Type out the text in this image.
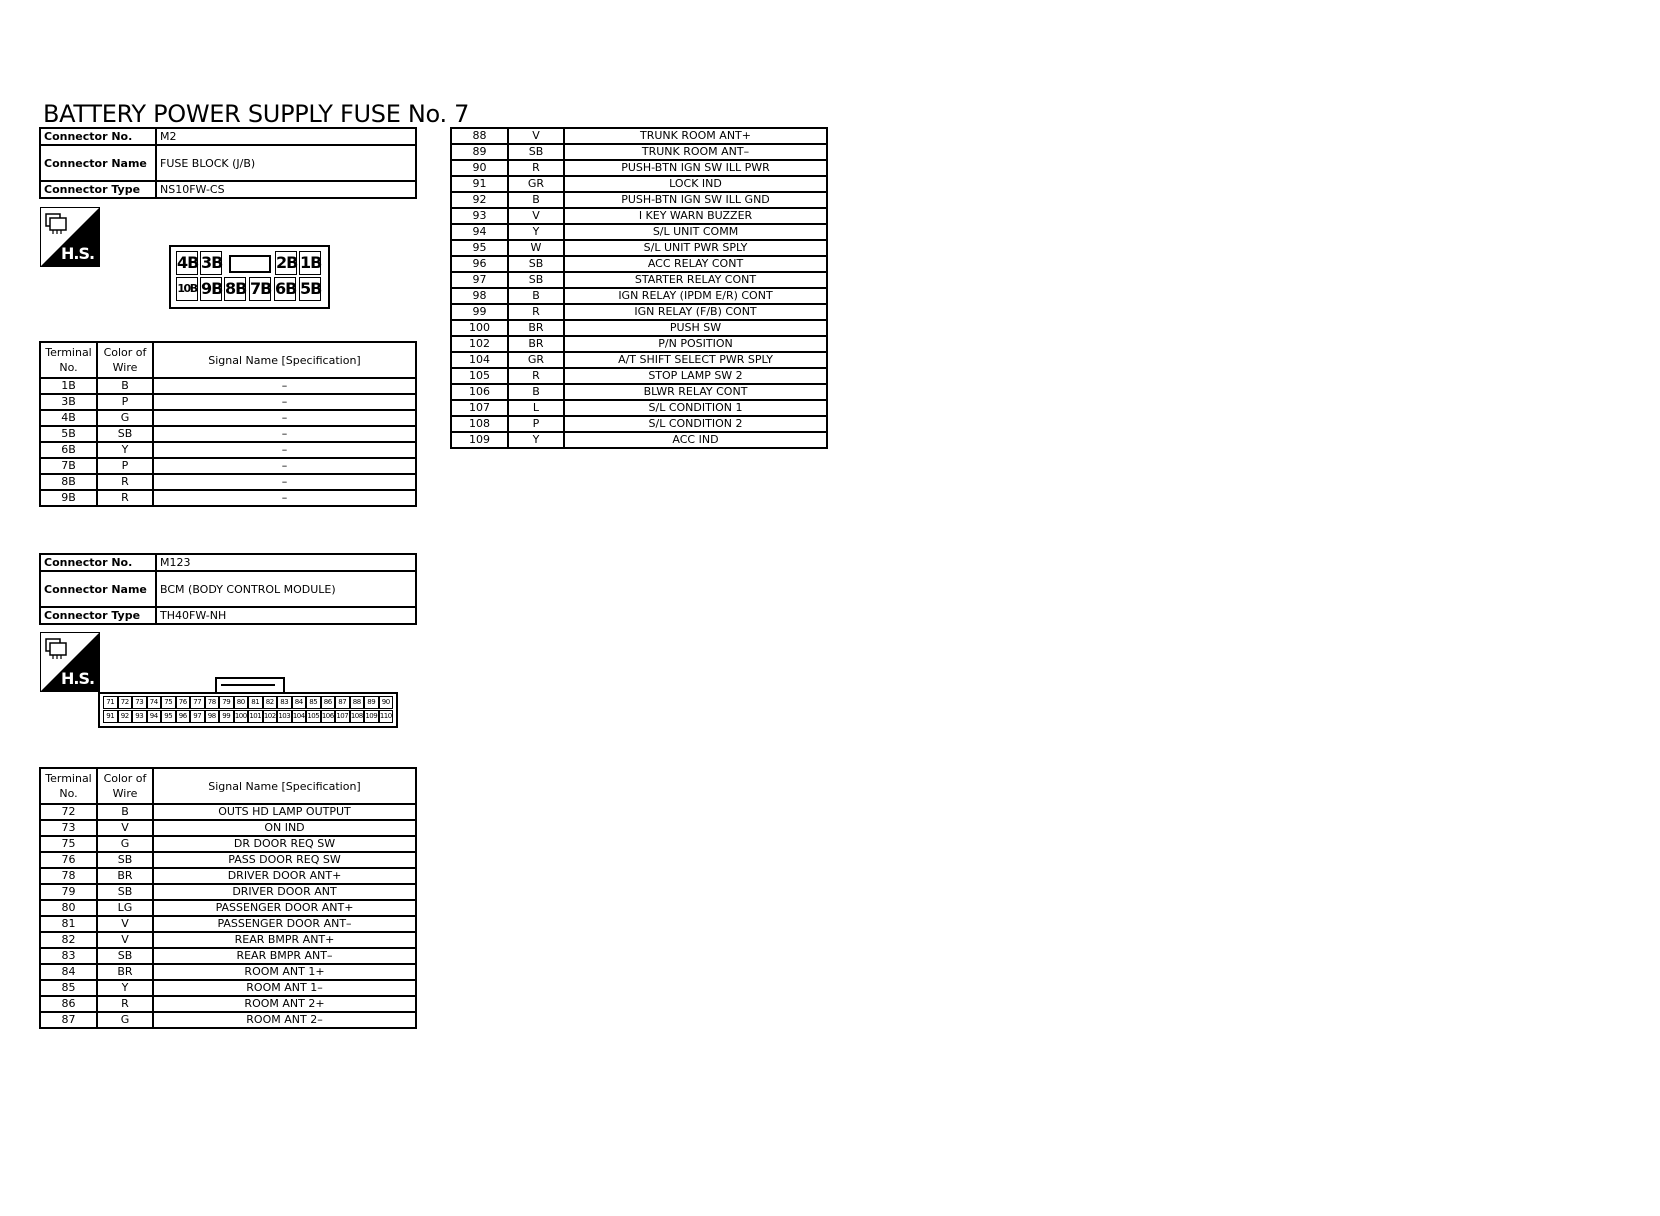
BATTERY POWER SUPPLY FUSE No. 7
Connector No.	M2
Connector Name	FUSE BLOCK (J/B)
Connector Type	NS10FW-CS
H.S.	4B 3B	2B 1B
10B 9B 8B 7B 6B 5B
Terminal No.	Color of Wire	Signal Name [Specification]
1B	B	–
3B	P	–
4B	G	–
5B	SB	–
6B	Y	–
7B	P	–
8B	R	–
9B	R	–
Connector No.	M123
Connector Name	BCM (BODY CONTROL MODULE)
Connector Type	TH40FW-NH
H.S.
71 72 73 74 75 76 77 78 79 80 81 82 83 84 85 86 87 88 89 90
91 92 93 94 95 96 97 98 99 100 101 102 103 104 105 106 107 108 109 110
Terminal No.	Color of Wire	Signal Name [Specification]
72	B	OUTS HD LAMP OUTPUT
73	V	ON IND
75	G	DR DOOR REQ SW
76	SB	PASS DOOR REQ SW
78	BR	DRIVER DOOR ANT+
79	SB	DRIVER DOOR ANT
80	LG	PASSENGER DOOR ANT+
81	V	PASSENGER DOOR ANT–
82	V	REAR BMPR ANT+
83	SB	REAR BMPR ANT–
84	BR	ROOM ANT 1+
85	Y	ROOM ANT 1–
86	R	ROOM ANT 2+
87	G	ROOM ANT 2–
88	V	TRUNK ROOM ANT+
89	SB	TRUNK ROOM ANT–
90	R	PUSH-BTN IGN SW ILL PWR
91	GR	LOCK IND
92	B	PUSH-BTN IGN SW ILL GND
93	V	I KEY WARN BUZZER
94	Y	S/L UNIT COMM
95	W	S/L UNIT PWR SPLY
96	SB	ACC RELAY CONT
97	SB	STARTER RELAY CONT
98	B	IGN RELAY (IPDM E/R) CONT
99	R	IGN RELAY (F/B) CONT
100	BR	PUSH SW
102	BR	P/N POSITION
104	GR	A/T SHIFT SELECT PWR SPLY
105	R	STOP LAMP SW 2
106	B	BLWR RELAY CONT
107	L	S/L CONDITION 1
108	P	S/L CONDITION 2
109	Y	ACC IND
